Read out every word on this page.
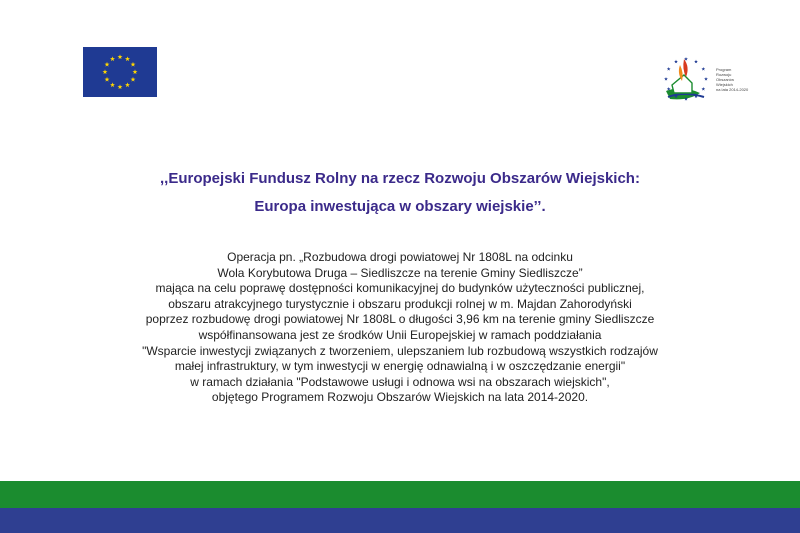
Program
Rozwoju
Obszarów
Wiejskich
na lata 2014-2020
,,Europejski Fundusz Rolny na rzecz Rozwoju Obszarów Wiejskich:
Europa inwestująca w obszary wiejskie’’.
Operacja pn. „Rozbudowa drogi powiatowej Nr 1808L na odcinku
Wola Korybutowa Druga – Siedliszcze na terenie Gminy Siedliszcze”
mająca na celu poprawę dostępności komunikacyjnej do budynków użyteczności publicznej,
obszaru atrakcyjnego turystycznie i obszaru produkcji rolnej w m. Majdan Zahorodyński
poprzez rozbudowę drogi powiatowej Nr 1808L o długości 3,96 km na terenie gminy Siedliszcze
współfinansowana jest ze środków Unii Europejskiej w ramach poddziałania
"Wsparcie inwestycji związanych z tworzeniem, ulepszaniem lub rozbudową wszystkich rodzajów
małej infrastruktury, w tym inwestycji w energię odnawialną i w oszczędzanie energii"
w ramach działania "Podstawowe usługi i odnowa wsi na obszarach wiejskich",
objętego Programem Rozwoju Obszarów Wiejskich na lata 2014-2020.
